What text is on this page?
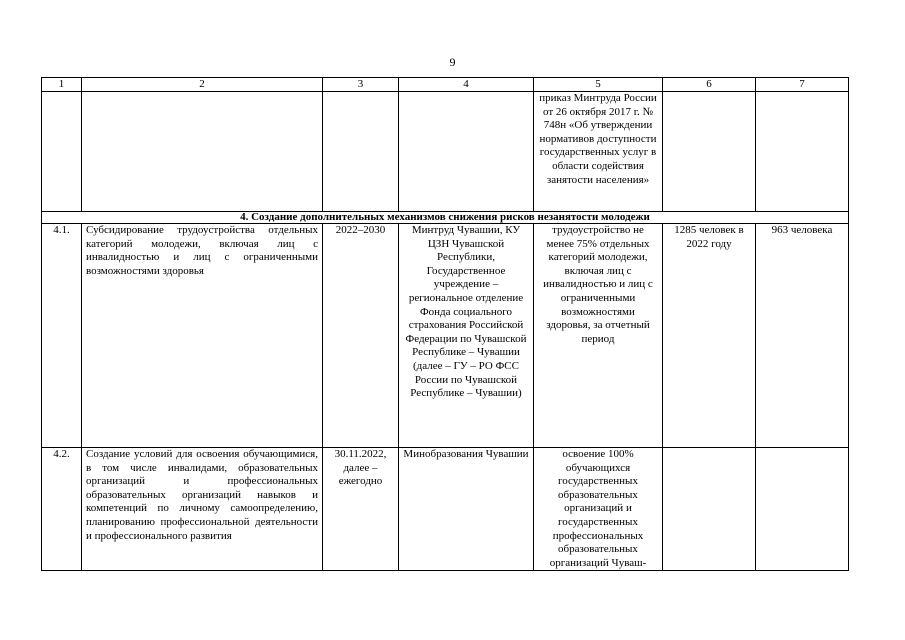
9
1	2	3	4	5	6	7
				приказ Минтруда России от 26 октября 2017 г. № 748н «Об утверждении нормативов доступности государственных услуг в области содействия занятости населения»		
4. Создание дополнительных механизмов снижения рисков незанятости молодежи						
4.1.	Субсидирование трудоустройства отдельных категорий молодежи, включая лиц с инвалидностью и лиц с ограниченными возможностями здоровья	2022–2030	Минтруд Чувашии, КУ ЦЗН Чувашской Республики, Государственное учреждение – региональное отделение Фонда социального страхования Российской Федерации по Чувашской Республике – Чувашии (далее – ГУ – РО ФСС России по Чувашской Республике – Чувашии)	трудоустройство не менее 75% отдельных категорий молодежи, включая лиц с инвалидностью и лиц с ограниченными возможностями здоровья, за отчетный период	1285 человек в 2022 году	963 человека
4.2.	Создание условий для освоения обучающимися, в том числе инвалидами, образовательных организаций и профессиональных образовательных организаций навыков и компетенций по личному самоопределению, планированию профессиональной деятельности и профессионального развития	30.11.2022, далее – ежегодно	Минобразования Чувашии	освоение 100% обучающихся государственных образовательных организаций и государственных профессиональных образовательных организаций Чуваш-		
